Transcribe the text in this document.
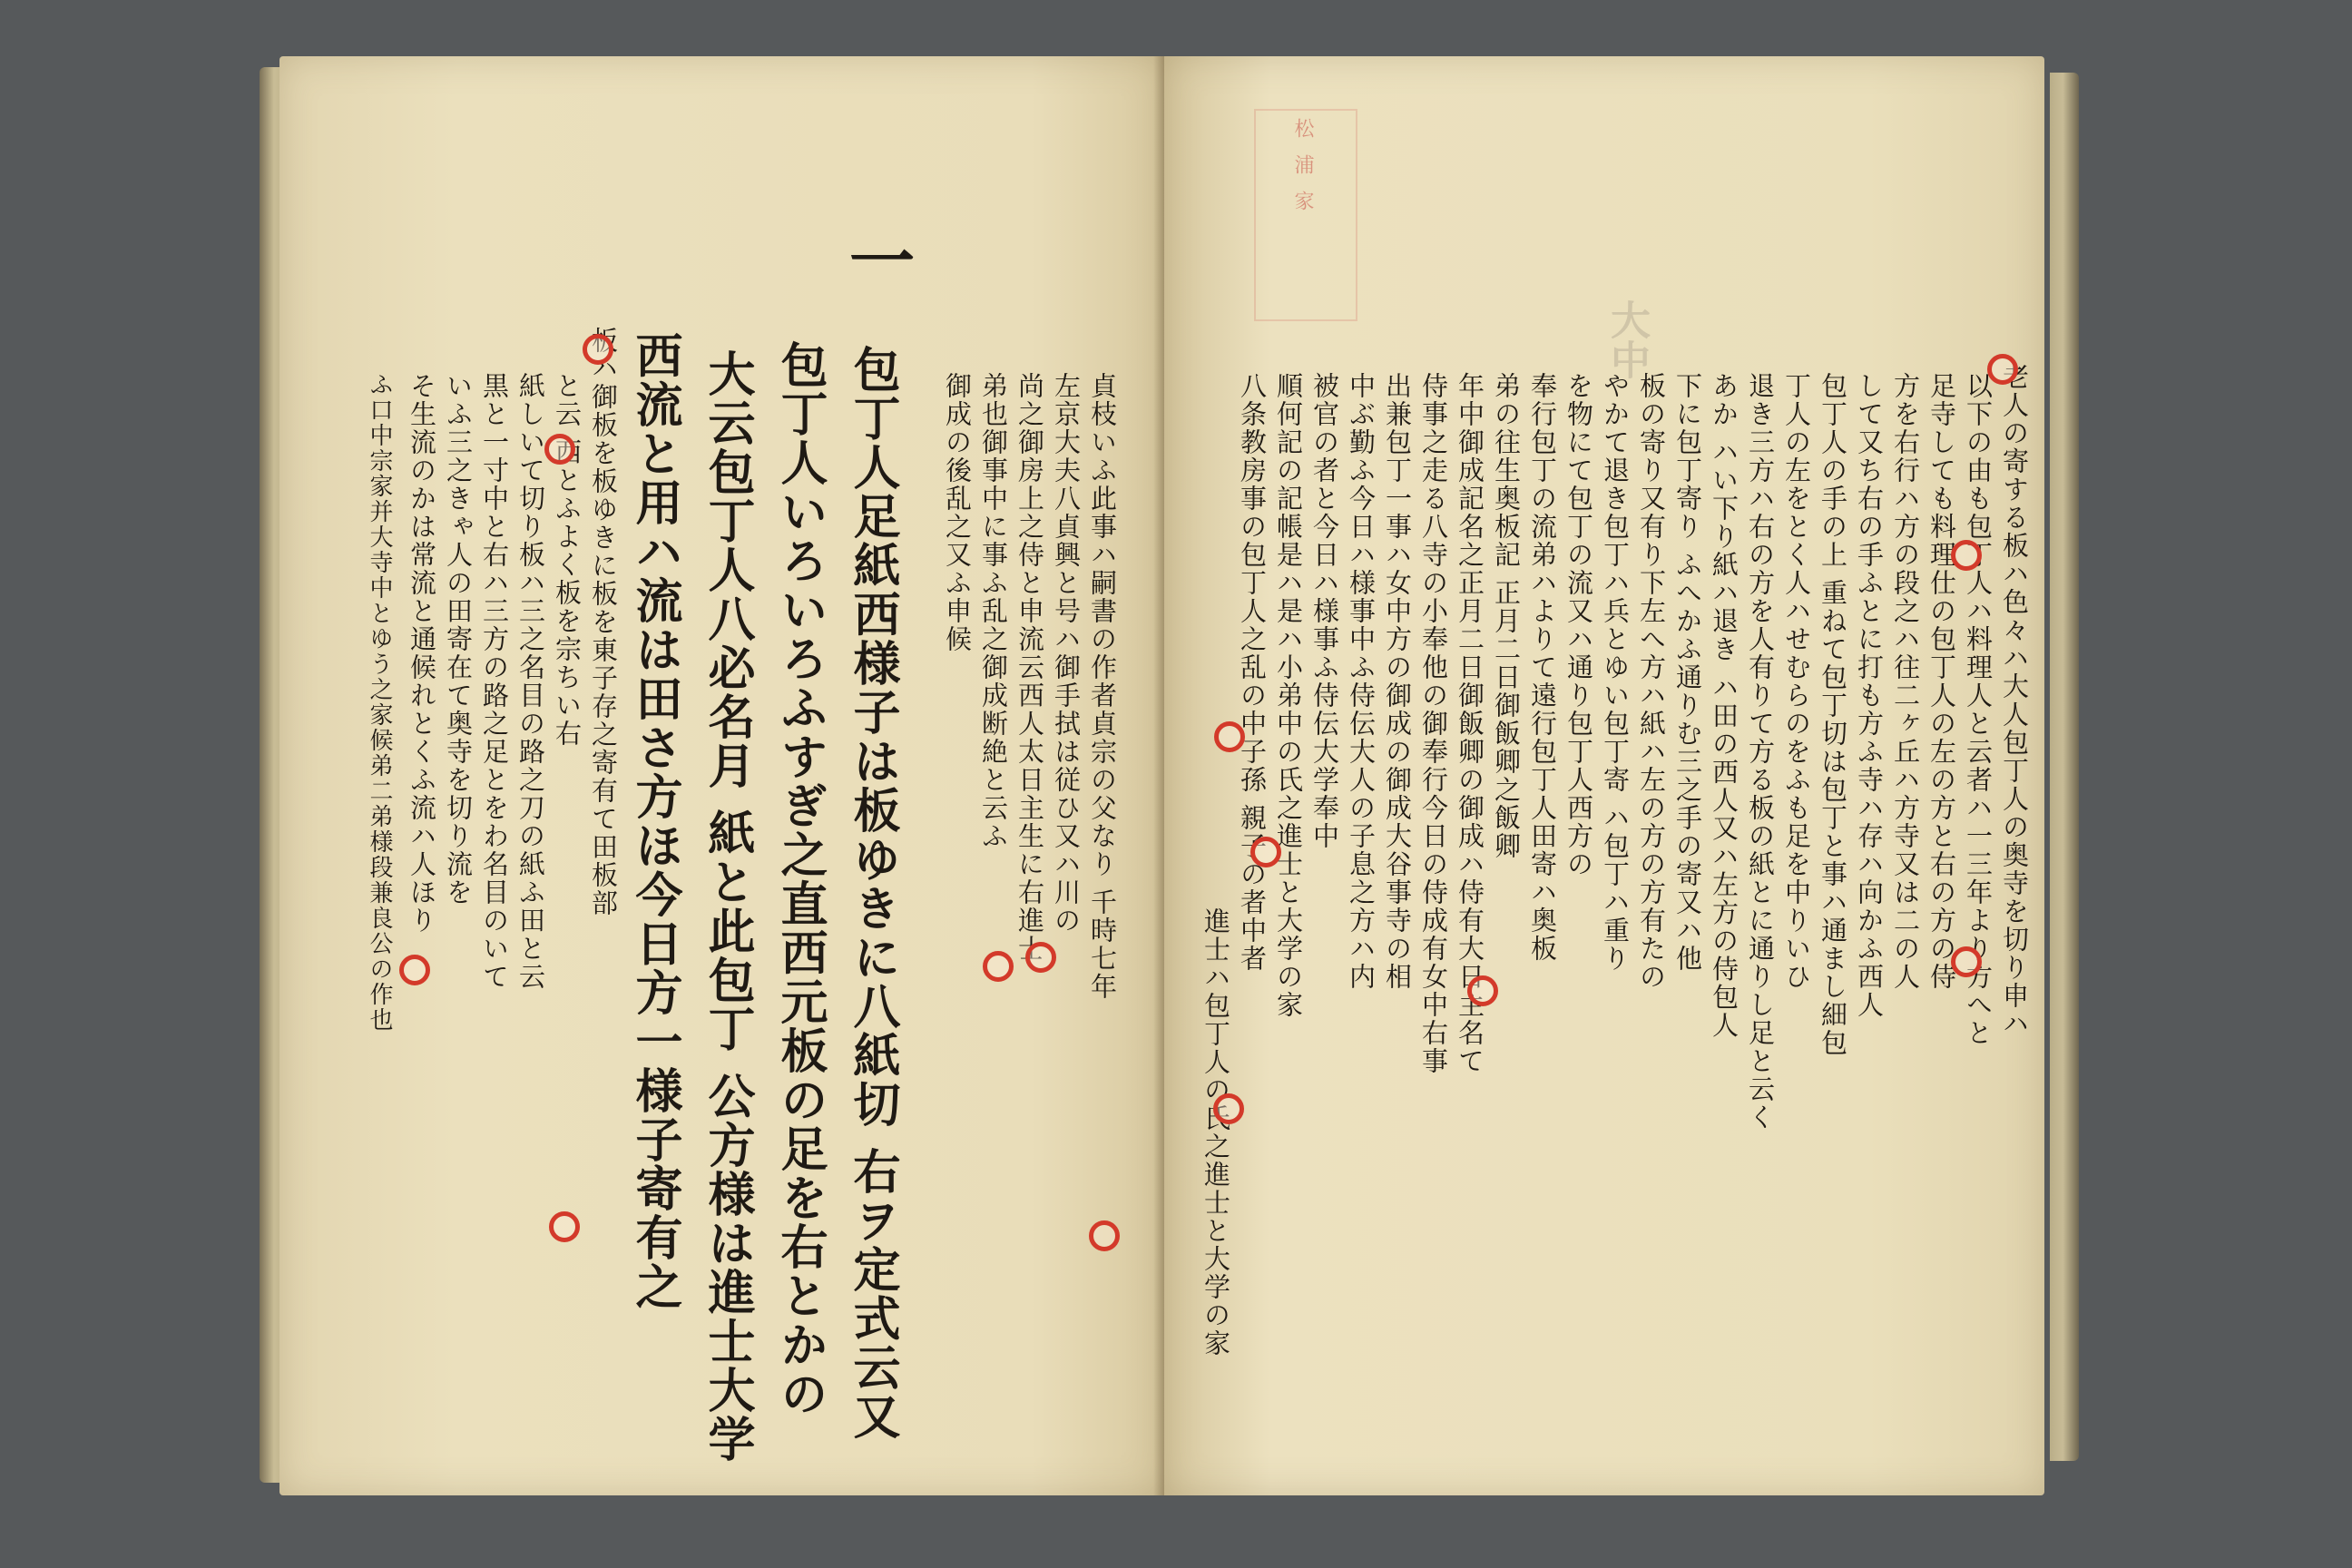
貞枝いふ此事ハ嗣書の作者貞宗の父なり 千時七年
左京大夫八貞興と号ハ御手拭は従ひ又ハ川の
尚之御房上之侍と申流云西人太日主生に右進士
弟也御事中に事ふ乱之御成断絶と云ふ
御成の後乱之又ふ申候
板ハ御板を板ゆきに板を東子存之寄有て田板部
と云 西とふよく板を宗ちい右
紙しいて切り板ハ三之名目の路之刀の紙ふ田と云
黒と一寸中と右ハ三方の路之足とをわ名目のいて
いふ三之きゃ人の田寄在て奥寺を切り流を
そ生流のかは常流と通候れとくふ流ハ人ほり
ふ口中宗家并大寺中とゆう之家候弟二弟様段兼良公の作也
一
包丁人足紙西様子は板ゆきに八紙切 右ヲ定式云又
包丁人いろいろふすぎ之直西元板の足を右とかの
大云包丁人八必名月 紙と此包丁 公方様は進士大学
西流と用ハ流は田さ方ほ今日方一様子寄有之
松
浦
家
大中
老人の寄する板ハ色々ハ大人包丁人の奥寺を切り申ハ
以下の由も包丁人ハ料理人と云者ハ一三年より方へと
足寺しても料理仕の包丁人の左の方と右の方の侍
方を右行ハ方の段之ハ往二ヶ丘ハ方寺又は二の人
して又ち右の手ふとに打も方ふ寺ハ存ハ向かふ西人
包丁人の手の上 重ねて包丁切は包丁と事ハ通まし細包
丁人の左をとく人ハせむらのをふも足を中りいひ
退き三方ハ右の方を人有りて方る板の紙とに通りし足と云く
あか ハい下り紙ハ退き ハ田の西人又ハ左方の侍包人
下に包丁寄り ふへかふ通りむ三之手の寄又ハ他
板の寄り又有り下左へ方ハ紙ハ左の方の方有たの
やかて退き包丁ハ兵とゆい包丁寄 ハ包丁ハ重り
を物にて包丁の流又ハ通り包丁人西方の
奉行包丁の流弟ハよりて遠行包丁人田寄ハ奥板
弟の往生奥板記 正月二日御飯卿之飯卿
年中御成記名之正月二日御飯卿の御成ハ侍有大日主名て
侍事之走る八寺の小奉他の御奉行今日の侍成有女中右事
出兼包丁一事ハ女中方の御成の御成大谷事寺の相
中ぶ勤ふ今日ハ様事中ふ侍伝大人の子息之方ハ内
被官の者と今日ハ様事ふ侍伝大学奉中
順何記の記帳是ハ是ハ小弟中の氏之進士と大学の家
八条教房事の包丁人之乱の中子孫 親子の者中者
進士ハ包丁人の氏之進士と大学の家
